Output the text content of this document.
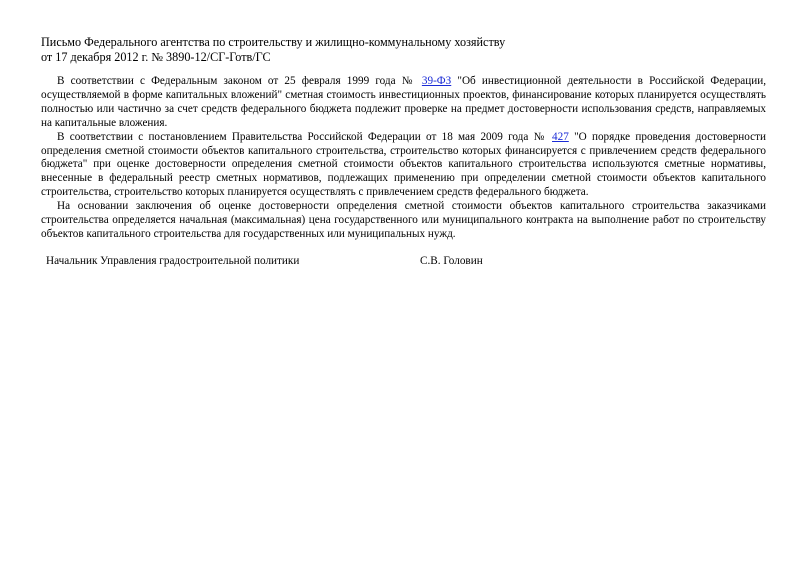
Письмо Федерального агентства по строительству и жилищно-коммунальному хозяйству
от 17 декабря 2012 г. № 3890-12/СГ-Готв/ГС

В соответствии с Федеральным законом от 25 февраля 1999 года № 39-ФЗ "Об инвестиционной деятельности в Российской Федерации, осуществляемой в форме капитальных вложений" сметная стоимость инвестиционных проектов, финансирование которых планируется осуществлять полностью или частично за счет средств федерального бюджета подлежит проверке на предмет достоверности использования средств, направляемых на капитальные вложения.

В соответствии с постановлением Правительства Российской Федерации от 18 мая 2009 года № 427 "О порядке проведения достоверности определения сметной стоимости объектов капитального строительства, строительство которых финансируется с привлечением средств федерального бюджета" при оценке достоверности определения сметной стоимости объектов капитального строительства используются сметные нормативы, внесенные в федеральный реестр сметных нормативов, подлежащих применению при определении сметной стоимости объектов капитального строительства, строительство которых планируется осуществлять с привлечением средств федерального бюджета.

На основании заключения об оценке достоверности определения сметной стоимости объектов капитального строительства заказчиками строительства определяется начальная (максимальная) цена государственного или муниципального контракта на выполнение работ по строительству объектов капитального строительства для государственных или муниципальных нужд.

Начальник Управления градостроительной политики	С.В. Головин
